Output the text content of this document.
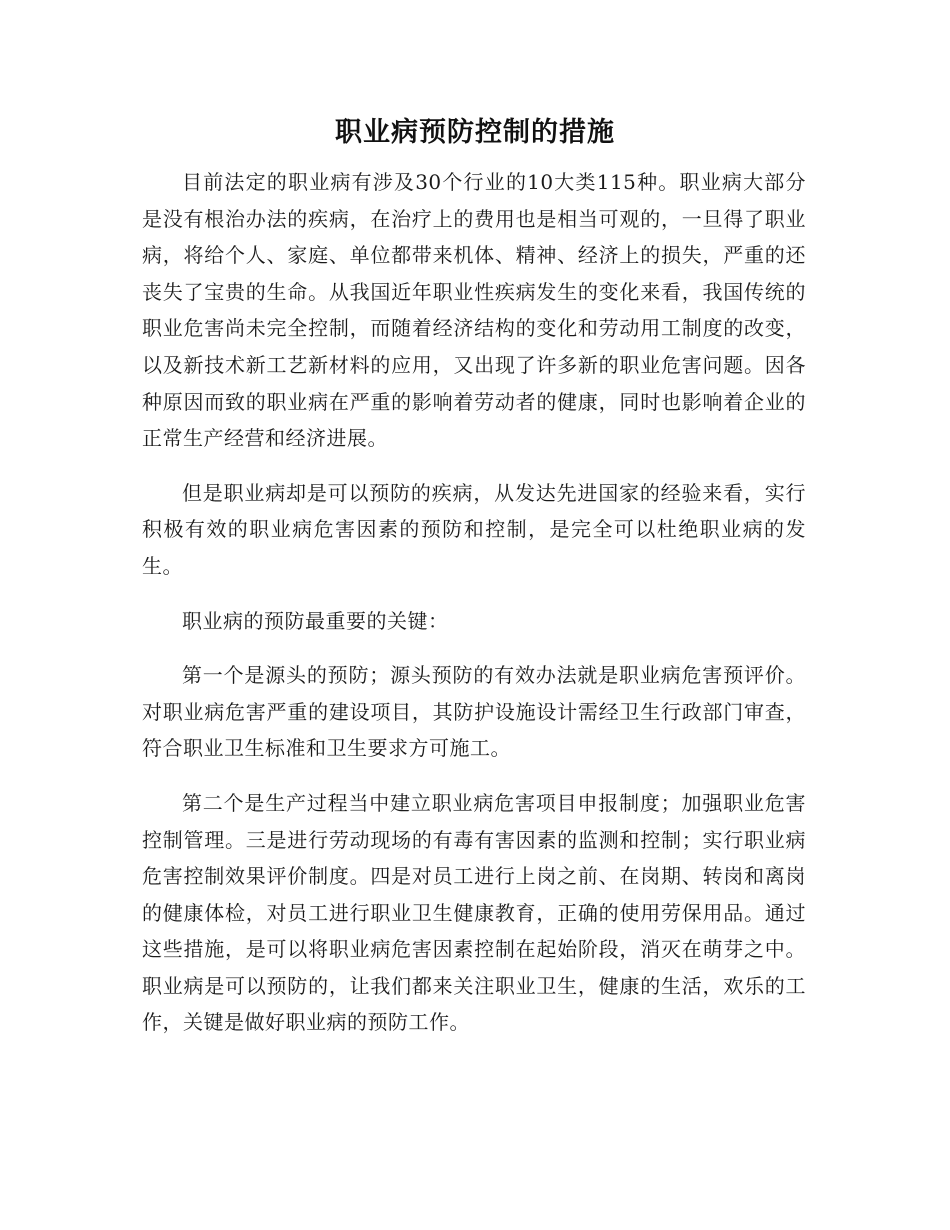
职业病预防控制的措施

目前法定的职业病有涉及30个行业的10大类115种。职业病大部分是没有根治办法的疾病，在治疗上的费用也是相当可观的，一旦得了职业病，将给个人、家庭、单位都带来机体、精神、经济上的损失，严重的还丧失了宝贵的生命。从我国近年职业性疾病发生的变化来看，我国传统的职业危害尚未完全控制，而随着经济结构的变化和劳动用工制度的改变，以及新技术新工艺新材料的应用，又出现了许多新的职业危害问题。因各种原因而致的职业病在严重的影响着劳动者的健康，同时也影响着企业的正常生产经营和经济进展。

但是职业病却是可以预防的疾病，从发达先进国家的经验来看，实行积极有效的职业病危害因素的预防和控制，是完全可以杜绝职业病的发生。

职业病的预防最重要的关键：

第一个是源头的预防；源头预防的有效办法就是职业病危害预评价。对职业病危害严重的建设项目，其防护设施设计需经卫生行政部门审查，符合职业卫生标准和卫生要求方可施工。

第二个是生产过程当中建立职业病危害项目申报制度；加强职业危害控制管理。三是进行劳动现场的有毒有害因素的监测和控制；实行职业病危害控制效果评价制度。四是对员工进行上岗之前、在岗期、转岗和离岗的健康体检，对员工进行职业卫生健康教育，正确的使用劳保用品。通过这些措施，是可以将职业病危害因素控制在起始阶段，消灭在萌芽之中。职业病是可以预防的，让我们都来关注职业卫生，健康的生活，欢乐的工作，关键是做好职业病的预防工作。
